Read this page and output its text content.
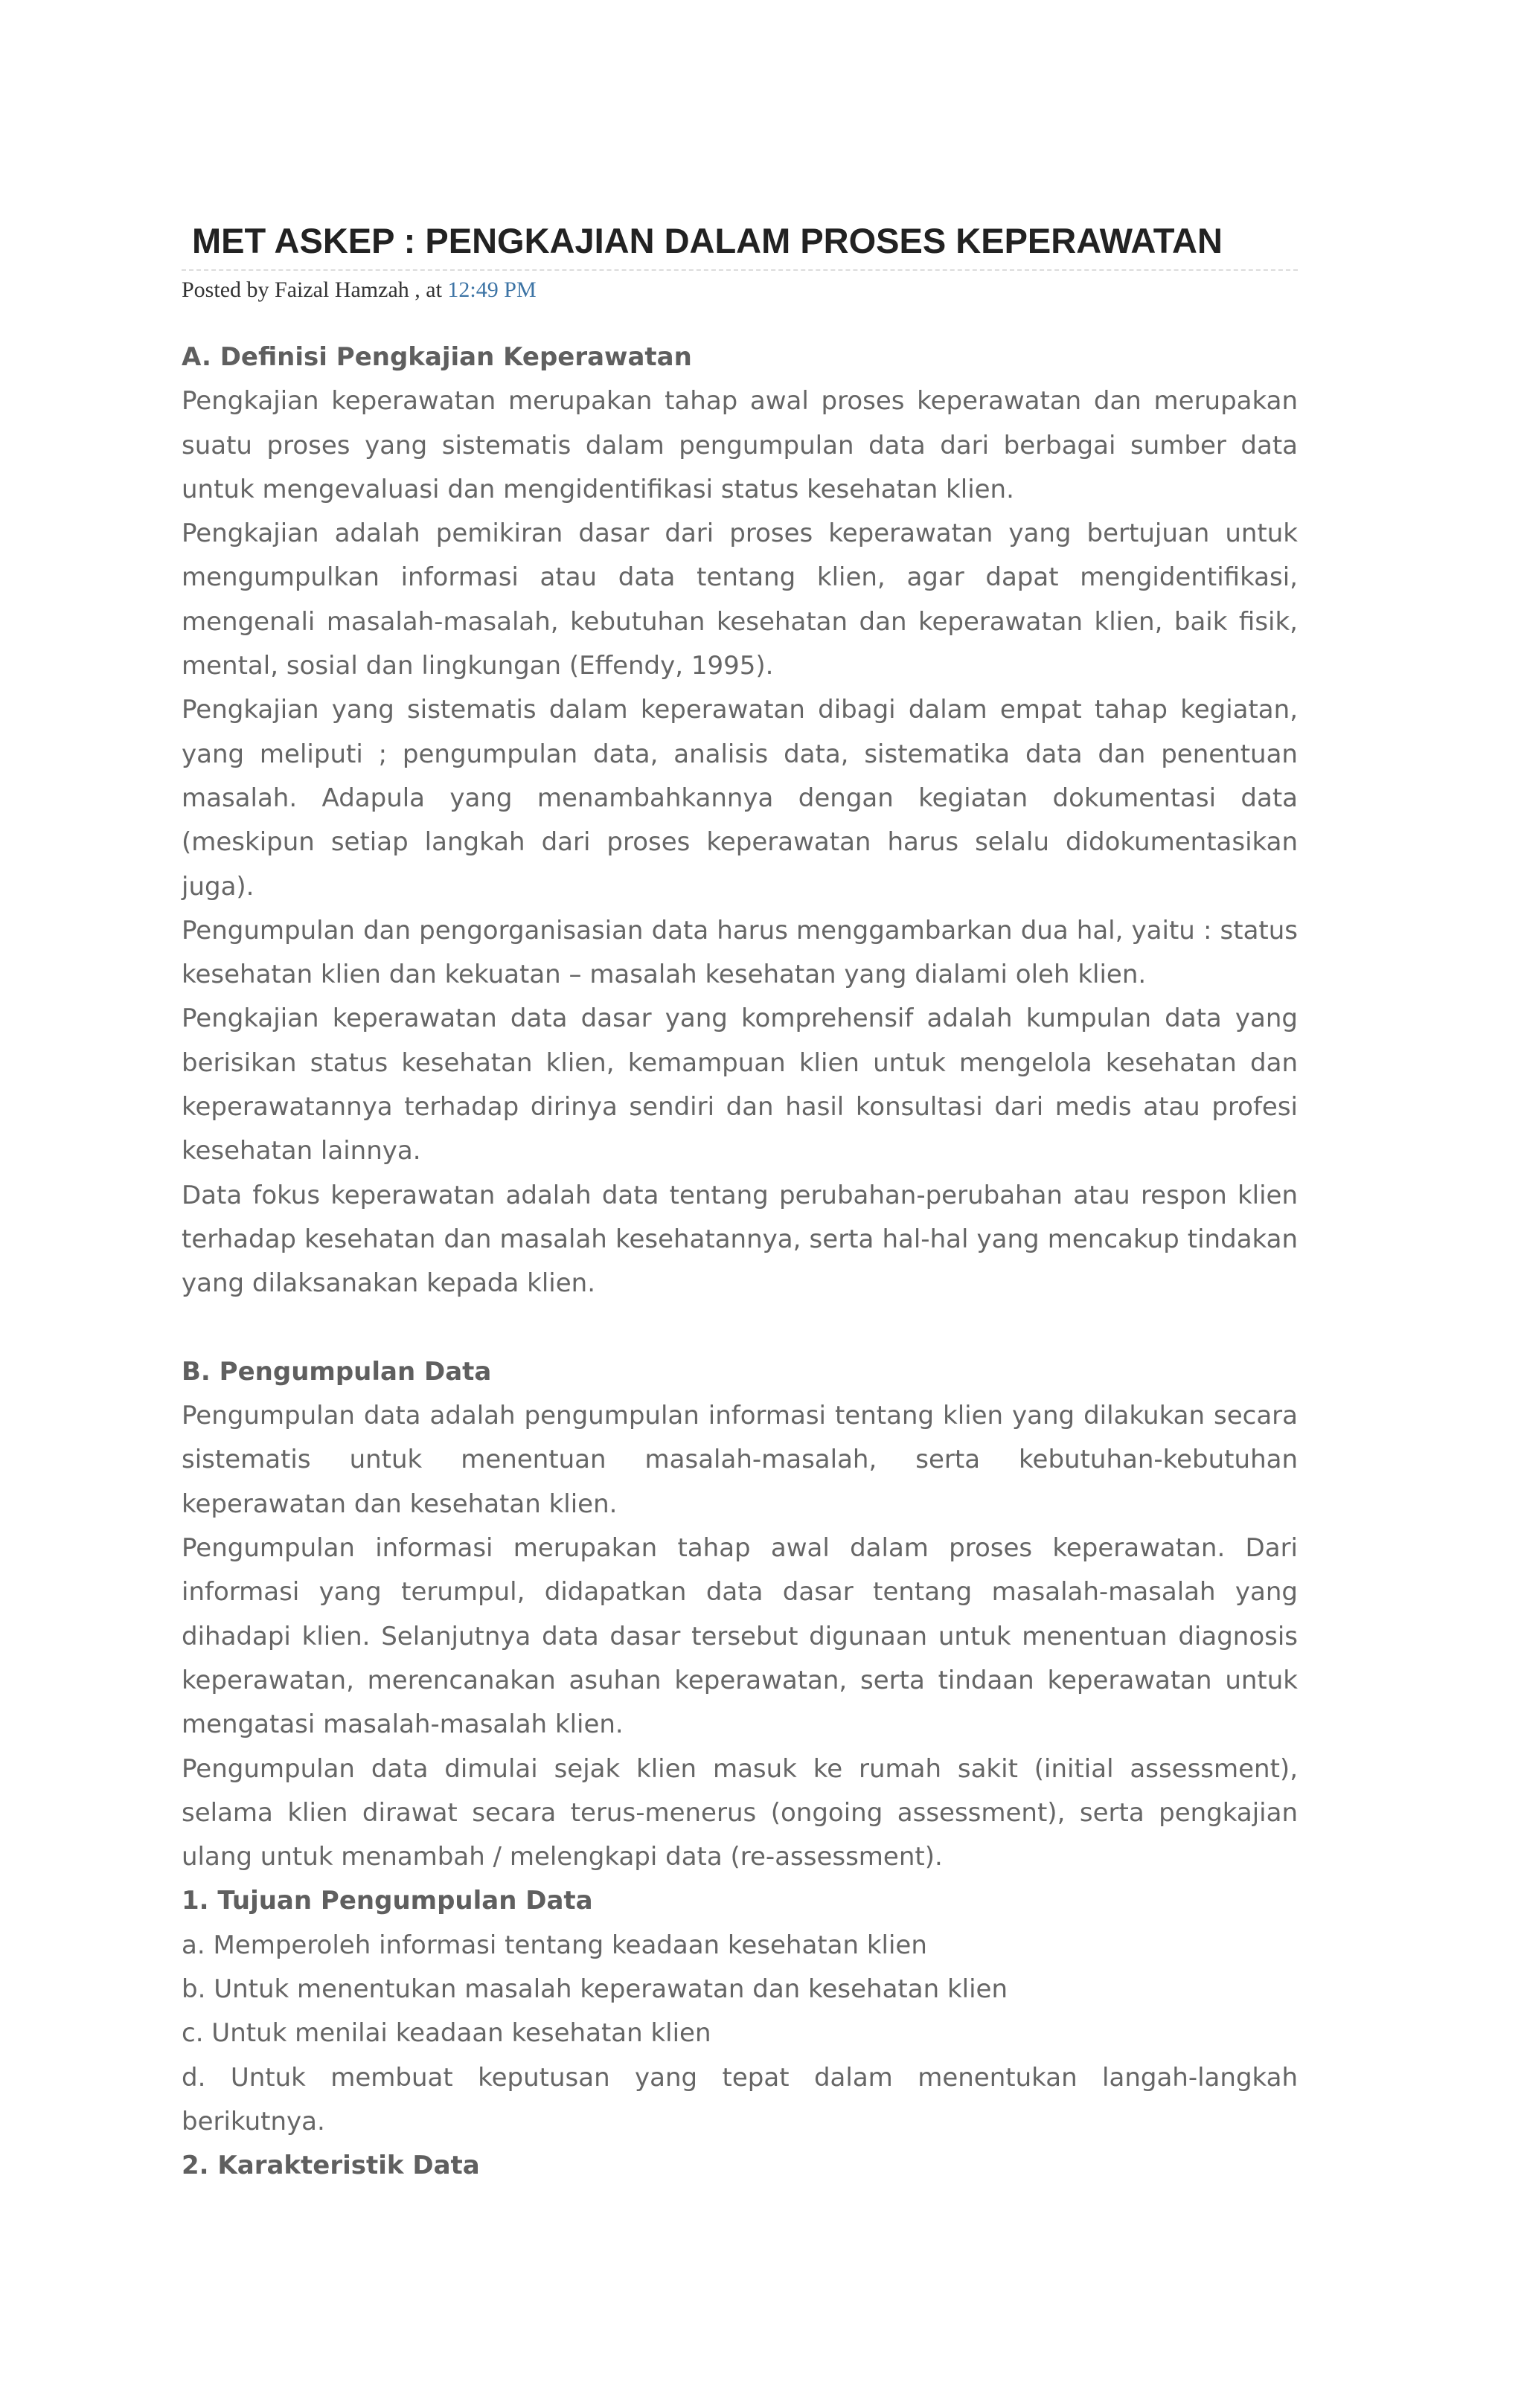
MET ASKEP : PENGKAJIAN DALAM PROSES KEPERAWATAN
Posted by Faizal Hamzah , at 12:49 PM

A. Definisi Pengkajian Keperawatan

Pengkajian keperawatan merupakan tahap awal proses keperawatan dan merupakan suatu proses yang sistematis dalam pengumpulan data dari berbagai sumber data untuk mengevaluasi dan mengidentifikasi status kesehatan klien.

Pengkajian adalah pemikiran dasar dari proses keperawatan yang bertujuan untuk mengumpulkan informasi atau data tentang klien, agar dapat mengidentifikasi, mengenali masalah-masalah, kebutuhan kesehatan dan keperawatan klien, baik fisik, mental, sosial dan lingkungan (Effendy, 1995).

Pengkajian yang sistematis dalam keperawatan dibagi dalam empat tahap kegiatan, yang meliputi ; pengumpulan data, analisis data, sistematika data dan penentuan masalah. Adapula yang menambahkannya dengan kegiatan dokumentasi data (meskipun setiap langkah dari proses keperawatan harus selalu didokumentasikan juga).

Pengumpulan dan pengorganisasian data harus menggambarkan dua hal, yaitu : status kesehatan klien dan kekuatan – masalah kesehatan yang dialami oleh klien.

Pengkajian keperawatan data dasar yang komprehensif adalah kumpulan data yang berisikan status kesehatan klien, kemampuan klien untuk mengelola kesehatan dan keperawatannya terhadap dirinya sendiri dan hasil konsultasi dari medis atau profesi kesehatan lainnya.

Data fokus keperawatan adalah data tentang perubahan-perubahan atau respon klien terhadap kesehatan dan masalah kesehatannya, serta hal-hal yang mencakup tindakan yang dilaksanakan kepada klien.

B. Pengumpulan Data

Pengumpulan data adalah pengumpulan informasi tentang klien yang dilakukan secara sistematis untuk menentuan masalah-masalah, serta kebutuhan-kebutuhan keperawatan dan kesehatan klien.

Pengumpulan informasi merupakan tahap awal dalam proses keperawatan. Dari informasi yang terumpul, didapatkan data dasar tentang masalah-masalah yang dihadapi klien. Selanjutnya data dasar tersebut digunaan untuk menentuan diagnosis keperawatan, merencanakan asuhan keperawatan, serta tindaan keperawatan untuk mengatasi masalah-masalah klien.

Pengumpulan data dimulai sejak klien masuk ke rumah sakit (initial assessment), selama klien dirawat secara terus-menerus (ongoing assessment), serta pengkajian ulang untuk menambah / melengkapi data (re-assessment).

1. Tujuan Pengumpulan Data

a. Memperoleh informasi tentang keadaan kesehatan klien

b. Untuk menentukan masalah keperawatan dan kesehatan klien

c. Untuk menilai keadaan kesehatan klien

d. Untuk membuat keputusan yang tepat dalam menentukan langah-langkah berikutnya.

2. Karakteristik Data
